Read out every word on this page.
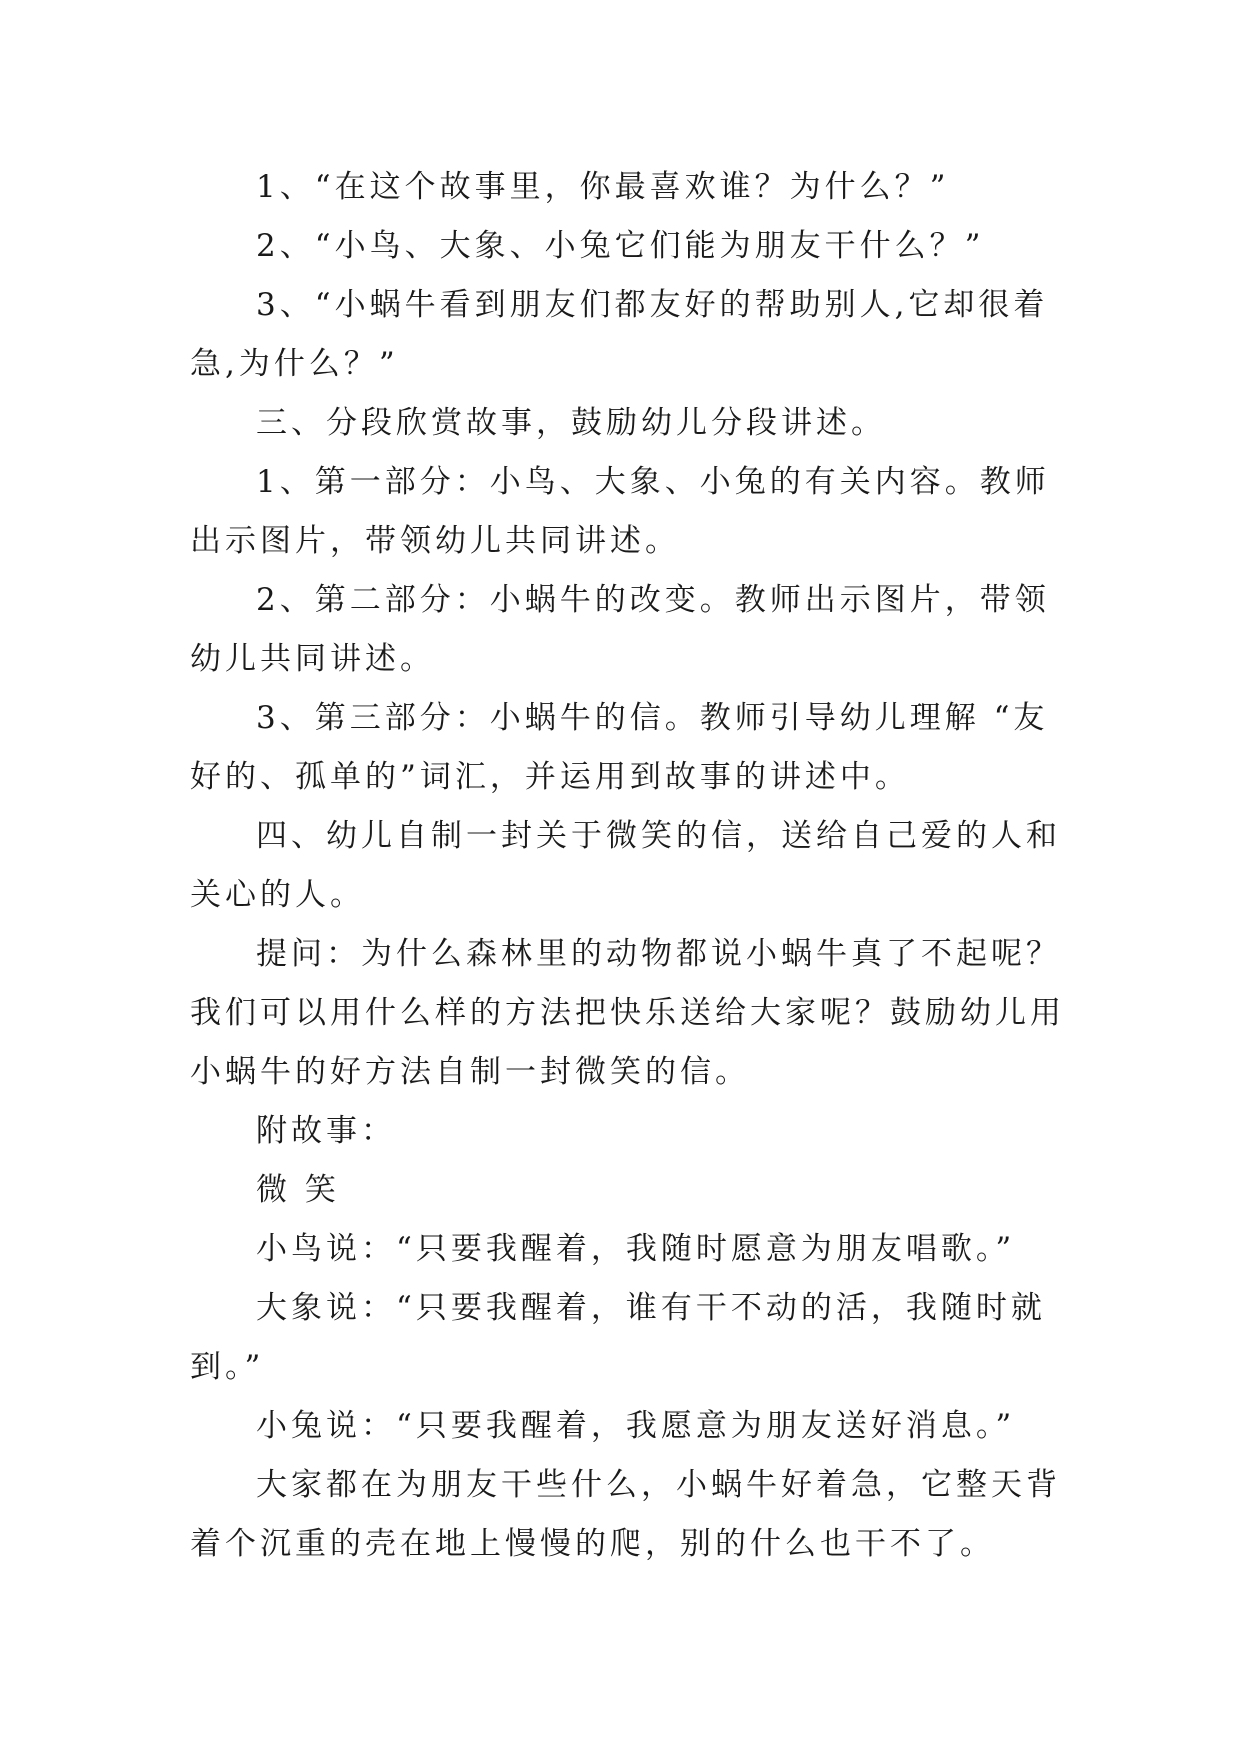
1、“在这个故事里，你最喜欢谁？为什么？”

2、“小鸟、大象、小兔它们能为朋友干什么？”

3、“小蜗牛看到朋友们都友好的帮助别人,它却很着急,为什么？”

三、分段欣赏故事，鼓励幼儿分段讲述。

1、第一部分：小鸟、大象、小兔的有关内容。教师出示图片，带领幼儿共同讲述。

2、第二部分：小蜗牛的改变。教师出示图片，带领幼儿共同讲述。

3、第三部分：小蜗牛的信。教师引导幼儿理解 “友好的、孤单的”词汇，并运用到故事的讲述中。

四、幼儿自制一封关于微笑的信，送给自己爱的人和关心的人。

提问：为什么森林里的动物都说小蜗牛真了不起呢？我们可以用什么样的方法把快乐送给大家呢？鼓励幼儿用小蜗牛的好方法自制一封微笑的信。

附故事：

微 笑

小鸟说：“只要我醒着，我随时愿意为朋友唱歌。”

大象说：“只要我醒着，谁有干不动的活，我随时就到。”

小兔说：“只要我醒着，我愿意为朋友送好消息。”

大家都在为朋友干些什么，小蜗牛好着急，它整天背着个沉重的壳在地上慢慢的爬，别的什么也干不了。
